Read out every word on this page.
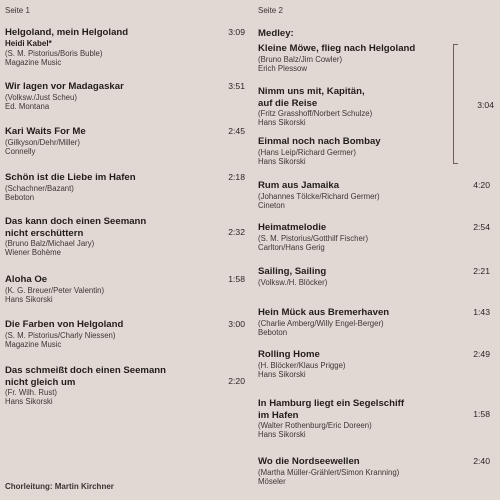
Seite 1	Seite 2
Helgoland, mein Helgoland
Heidi Kabel*
(S. M. Pistorius/Boris Buble)
Magazine Music
Wir lagen vor Madagaskar
(Volksw./Just Scheu)
Ed. Montana
Kari Waits For Me
(Gilkyson/Dehr/Miller)
Connelly
Schön ist die Liebe im Hafen
(Schachner/Bazant)
Beboton
Das kann doch einen Seemann
nicht erschüttern
(Bruno Balz/Michael Jary)
Wiener Bohème
Aloha Oe
(K. G. Breuer/Peter Valentin)
Hans Sikorski
Die Farben von Helgoland
(S. M. Pistorius/Charly Niessen)
Magazine Music
Das schmeißt doch einen Seemann
nicht gleich um
(Fr. Wilh. Rust)
Hans Sikorski
Medley:
3:04
Kleine Möwe, flieg nach Helgoland
(Bruno Balz/Jim Cowler)
Erich Plessow
Nimm uns mit, Kapitän,
auf die Reise
(Fritz Grasshoff/Norbert Schulze)
Hans Sikorski
Einmal noch nach Bombay
(Hans Leip/Richard Germer)
Hans Sikorski
Rum aus Jamaika
(Johannes Tölcke/Richard Germer)
Cineton
Heimatmelodie
(S. M. Pistorius/Gotthilf Fischer)
Carlton/Hans Gerig
Sailing, Sailing
(Volksw./H. Blöcker)
Hein Mück aus Bremerhaven
(Charlie Amberg/Willy Engel-Berger)
Beboton
Rolling Home
(H. Blöcker/Klaus Prigge)
Hans Sikorski
In Hamburg liegt ein Segelschiff
im Hafen
(Walter Rothenburg/Eric Doreen)
Hans Sikorski
Wo die Nordseewellen
(Martha Müller-Grählert/Simon Kranning)
Möseler
Chorleitung: Martin Kirchner
3:09
3:51
2:45
2:18
2:32
1:58
3:00
2:20
4:20
2:54
2:21
1:43
2:49
1:58
2:40
